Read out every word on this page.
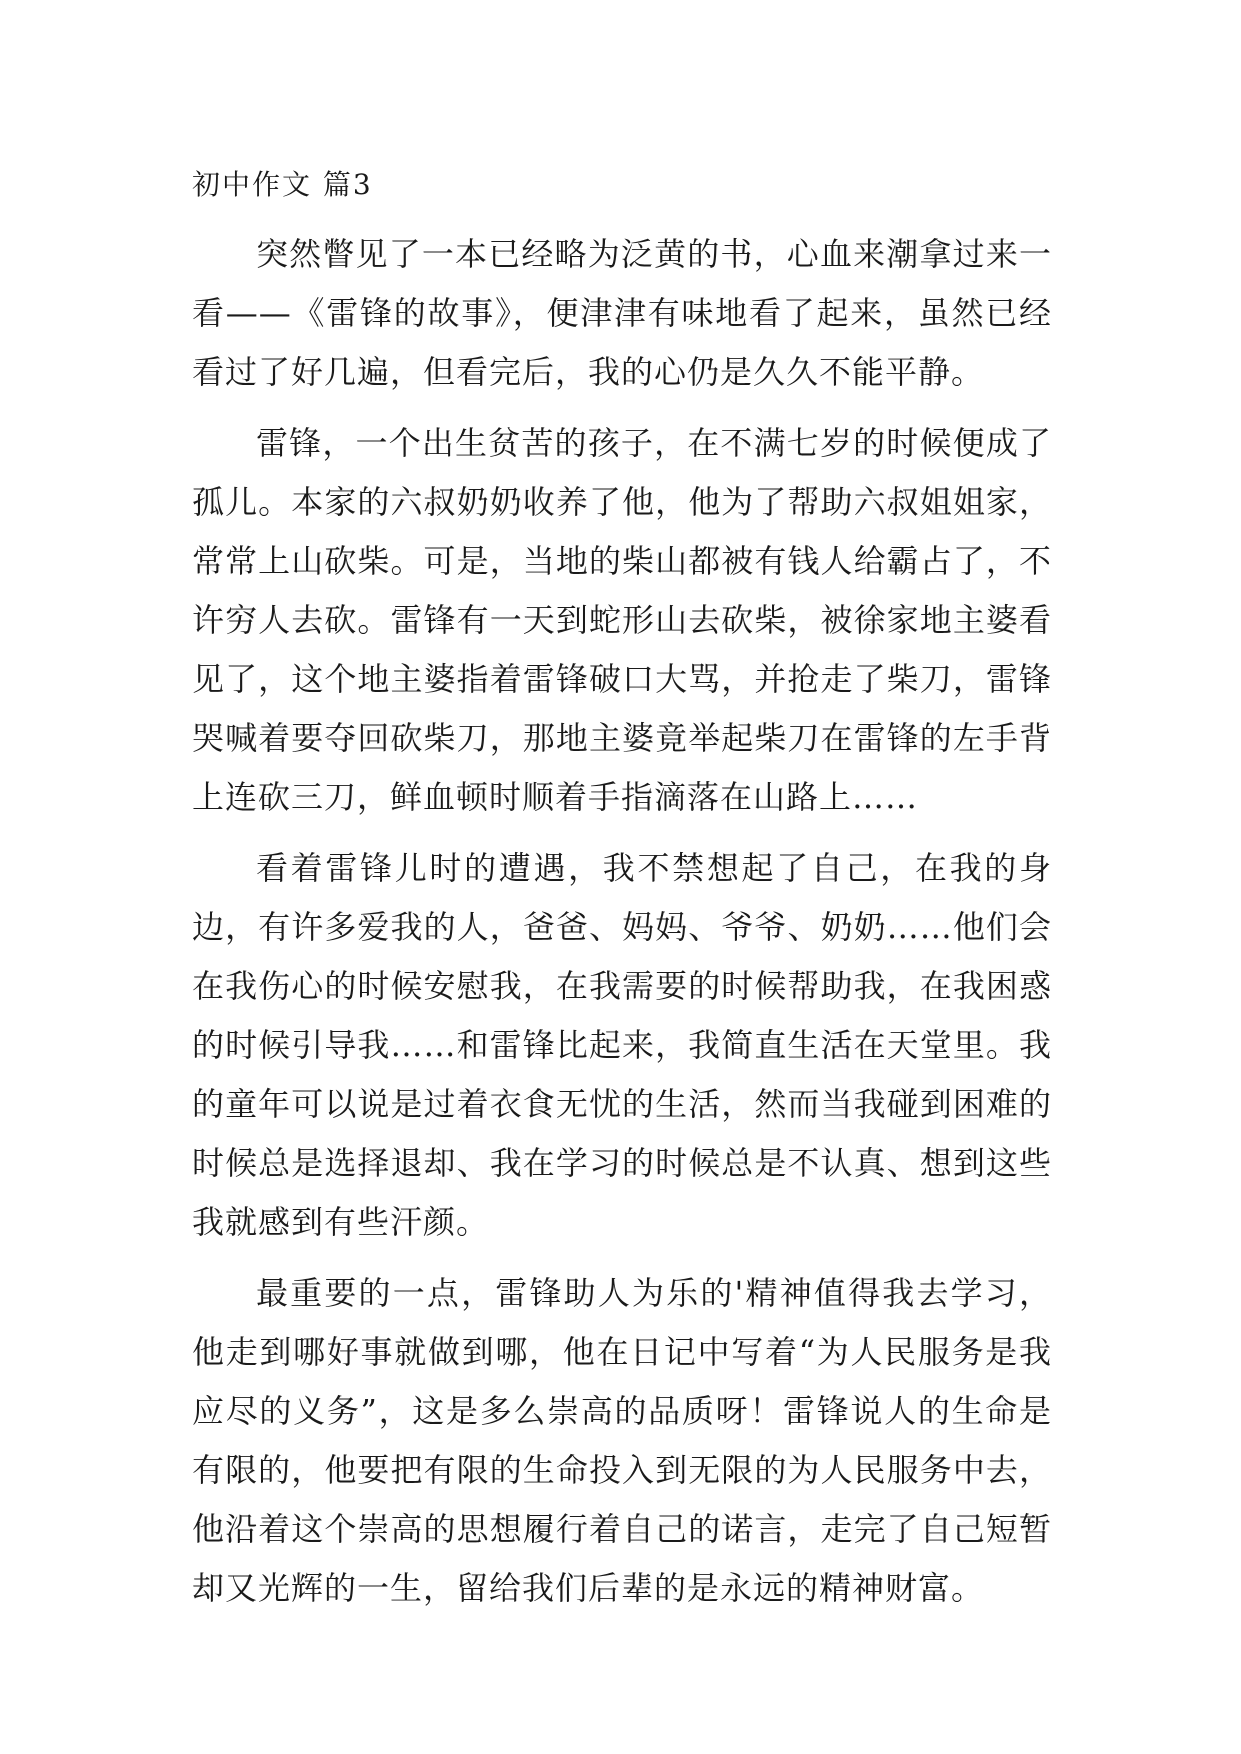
初中作文 篇3

突然瞥见了一本已经略为泛黄的书，心血来潮拿过来一看——《雷锋的故事》，便津津有味地看了起来，虽然已经看过了好几遍，但看完后，我的心仍是久久不能平静。

雷锋，一个出生贫苦的孩子，在不满七岁的时候便成了孤儿。本家的六叔奶奶收养了他，他为了帮助六叔姐姐家，常常上山砍柴。可是，当地的柴山都被有钱人给霸占了，不许穷人去砍。雷锋有一天到蛇形山去砍柴，被徐家地主婆看见了，这个地主婆指着雷锋破口大骂，并抢走了柴刀，雷锋哭喊着要夺回砍柴刀，那地主婆竟举起柴刀在雷锋的左手背上连砍三刀，鲜血顿时顺着手指滴落在山路上……

看着雷锋儿时的遭遇，我不禁想起了自己，在我的身边，有许多爱我的人，爸爸、妈妈、爷爷、奶奶……他们会在我伤心的时候安慰我，在我需要的时候帮助我，在我困惑的时候引导我……和雷锋比起来，我简直生活在天堂里。我的童年可以说是过着衣食无忧的生活，然而当我碰到困难的时候总是选择退却、我在学习的时候总是不认真、想到这些我就感到有些汗颜。

最重要的一点，雷锋助人为乐的'精神值得我去学习，他走到哪好事就做到哪，他在日记中写着“为人民服务是我应尽的义务”，这是多么崇高的品质呀！雷锋说人的生命是有限的，他要把有限的生命投入到无限的为人民服务中去，他沿着这个崇高的思想履行着自己的诺言，走完了自己短暂却又光辉的一生，留给我们后辈的是永远的精神财富。
